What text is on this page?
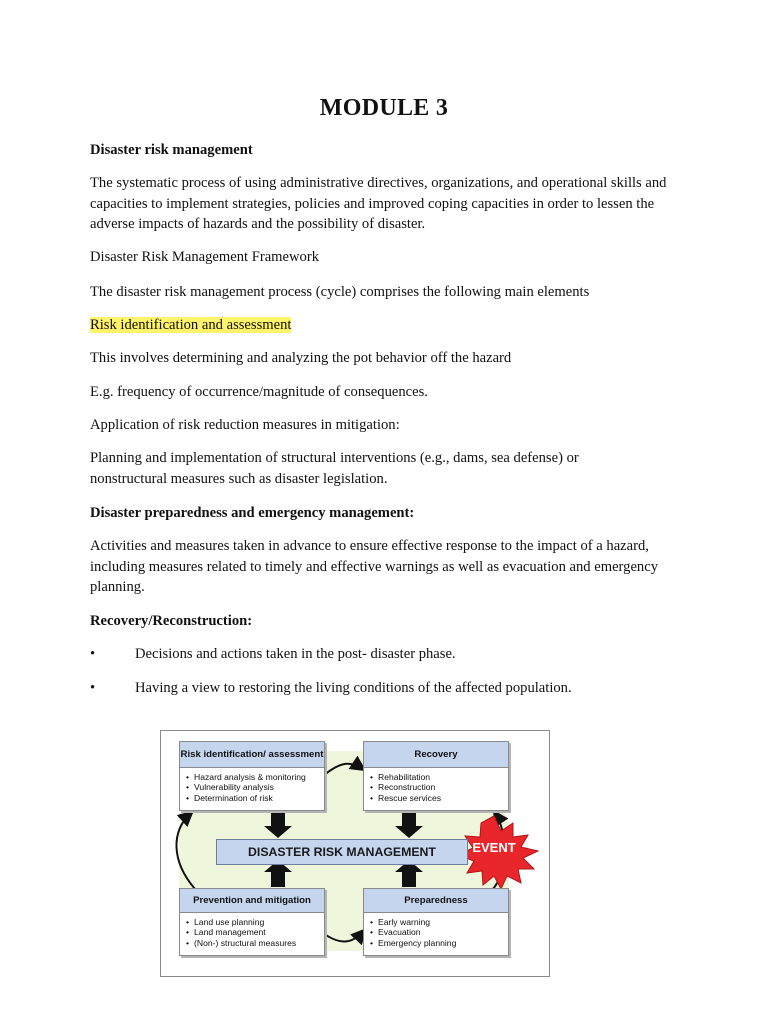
MODULE 3

Disaster risk management

The systematic process of using administrative directives, organizations, and operational skills and capacities to implement strategies, policies and improved coping capacities in order to lessen the adverse impacts of hazards and the possibility of disaster.

Disaster Risk Management Framework

The disaster risk management process (cycle) comprises the following main elements

Risk identification and assessment

This involves determining and analyzing the pot behavior off the hazard

E.g. frequency of occurrence/magnitude of consequences.

Application of risk reduction measures in mitigation:

Planning and implementation of structural interventions (e.g., dams, sea defense) or nonstructural measures such as disaster legislation.

Disaster preparedness and emergency management:

Activities and measures taken in advance to ensure effective response to the impact of a hazard, including measures related to timely and effective warnings as well as evacuation and emergency planning.

Recovery/Reconstruction:

•	Decisions and actions taken in the post- disaster phase.
•	Having a view to restoring the living conditions of the affected population.
Risk identification/ assessment
• Hazard analysis & monitoring
• Vulnerability analysis
• Determination of risk
Recovery
• Rehabilitation
• Reconstruction
• Rescue services
DISASTER RISK MANAGEMENT	EVENT
Prevention and mitigation
• Land use planning
• Land management
• (Non-) structural measures
Preparedness
• Early warning
• Evacuation
• Emergency planning
